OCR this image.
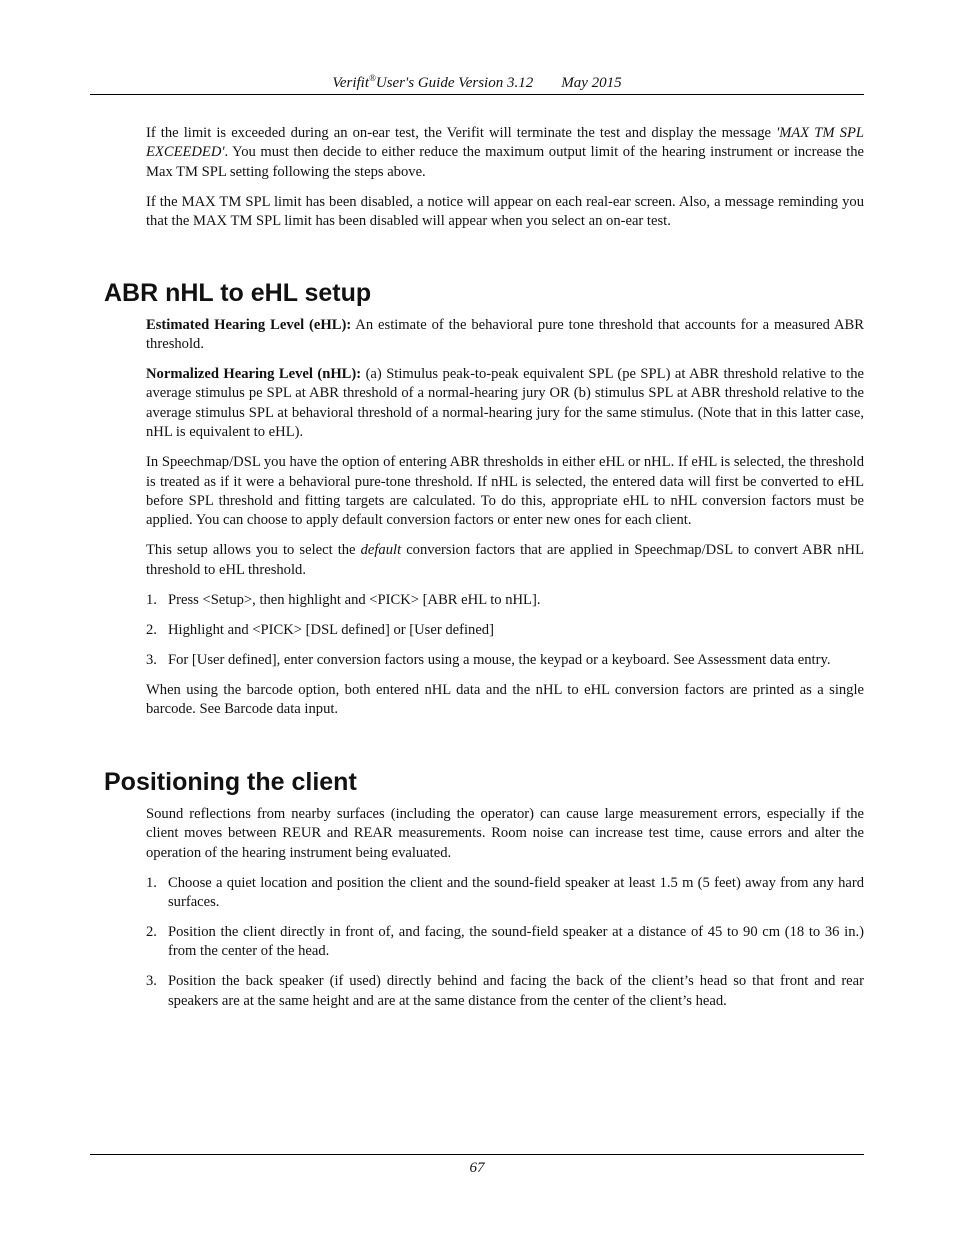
Verifit®User's Guide Version 3.12 May 2015

If the limit is exceeded during an on-ear test, the Verifit will terminate the test and display the message 'MAX TM SPL EXCEEDED'. You must then decide to either reduce the maximum output limit of the hearing instrument or increase the Max TM SPL setting following the steps above.

If the MAX TM SPL limit has been disabled, a notice will appear on each real-ear screen. Also, a message reminding you that the MAX TM SPL limit has been disabled will appear when you select an on-ear test.

ABR nHL to eHL setup

Estimated Hearing Level (eHL): An estimate of the behavioral pure tone threshold that accounts for a measured ABR threshold.

Normalized Hearing Level (nHL): (a) Stimulus peak-to-peak equivalent SPL (pe SPL) at ABR threshold relative to the average stimulus pe SPL at ABR threshold of a normal-hearing jury OR (b) stimulus SPL at ABR threshold relative to the average stimulus SPL at behavioral threshold of a normal-hearing jury for the same stimulus. (Note that in this latter case, nHL is equivalent to eHL).

In Speechmap/DSL you have the option of entering ABR thresholds in either eHL or nHL. If eHL is selected, the threshold is treated as if it were a behavioral pure-tone threshold. If nHL is selected, the entered data will first be converted to eHL before SPL threshold and fitting targets are calculated. To do this, appropriate eHL to nHL conversion factors must be applied. You can choose to apply default conversion factors or enter new ones for each client.

This setup allows you to select the default conversion factors that are applied in Speechmap/DSL to convert ABR nHL threshold to eHL threshold.

1. Press <Setup>, then highlight and <PICK> [ABR eHL to nHL].
2. Highlight and <PICK> [DSL defined] or [User defined]
3. For [User defined], enter conversion factors using a mouse, the keypad or a keyboard. See Assessment data entry.

When using the barcode option, both entered nHL data and the nHL to eHL conversion factors are printed as a single barcode. See Barcode data input.

Positioning the client

Sound reflections from nearby surfaces (including the operator) can cause large measurement errors, especially if the client moves between REUR and REAR measurements. Room noise can increase test time, cause errors and alter the operation of the hearing instrument being evaluated.

1. Choose a quiet location and position the client and the sound-field speaker at least 1.5 m (5 feet) away from any hard surfaces.
2. Position the client directly in front of, and facing, the sound-field speaker at a distance of 45 to 90 cm (18 to 36 in.) from the center of the head.
3. Position the back speaker (if used) directly behind and facing the back of the client’s head so that front and rear speakers are at the same height and are at the same distance from the center of the client’s head.
67
